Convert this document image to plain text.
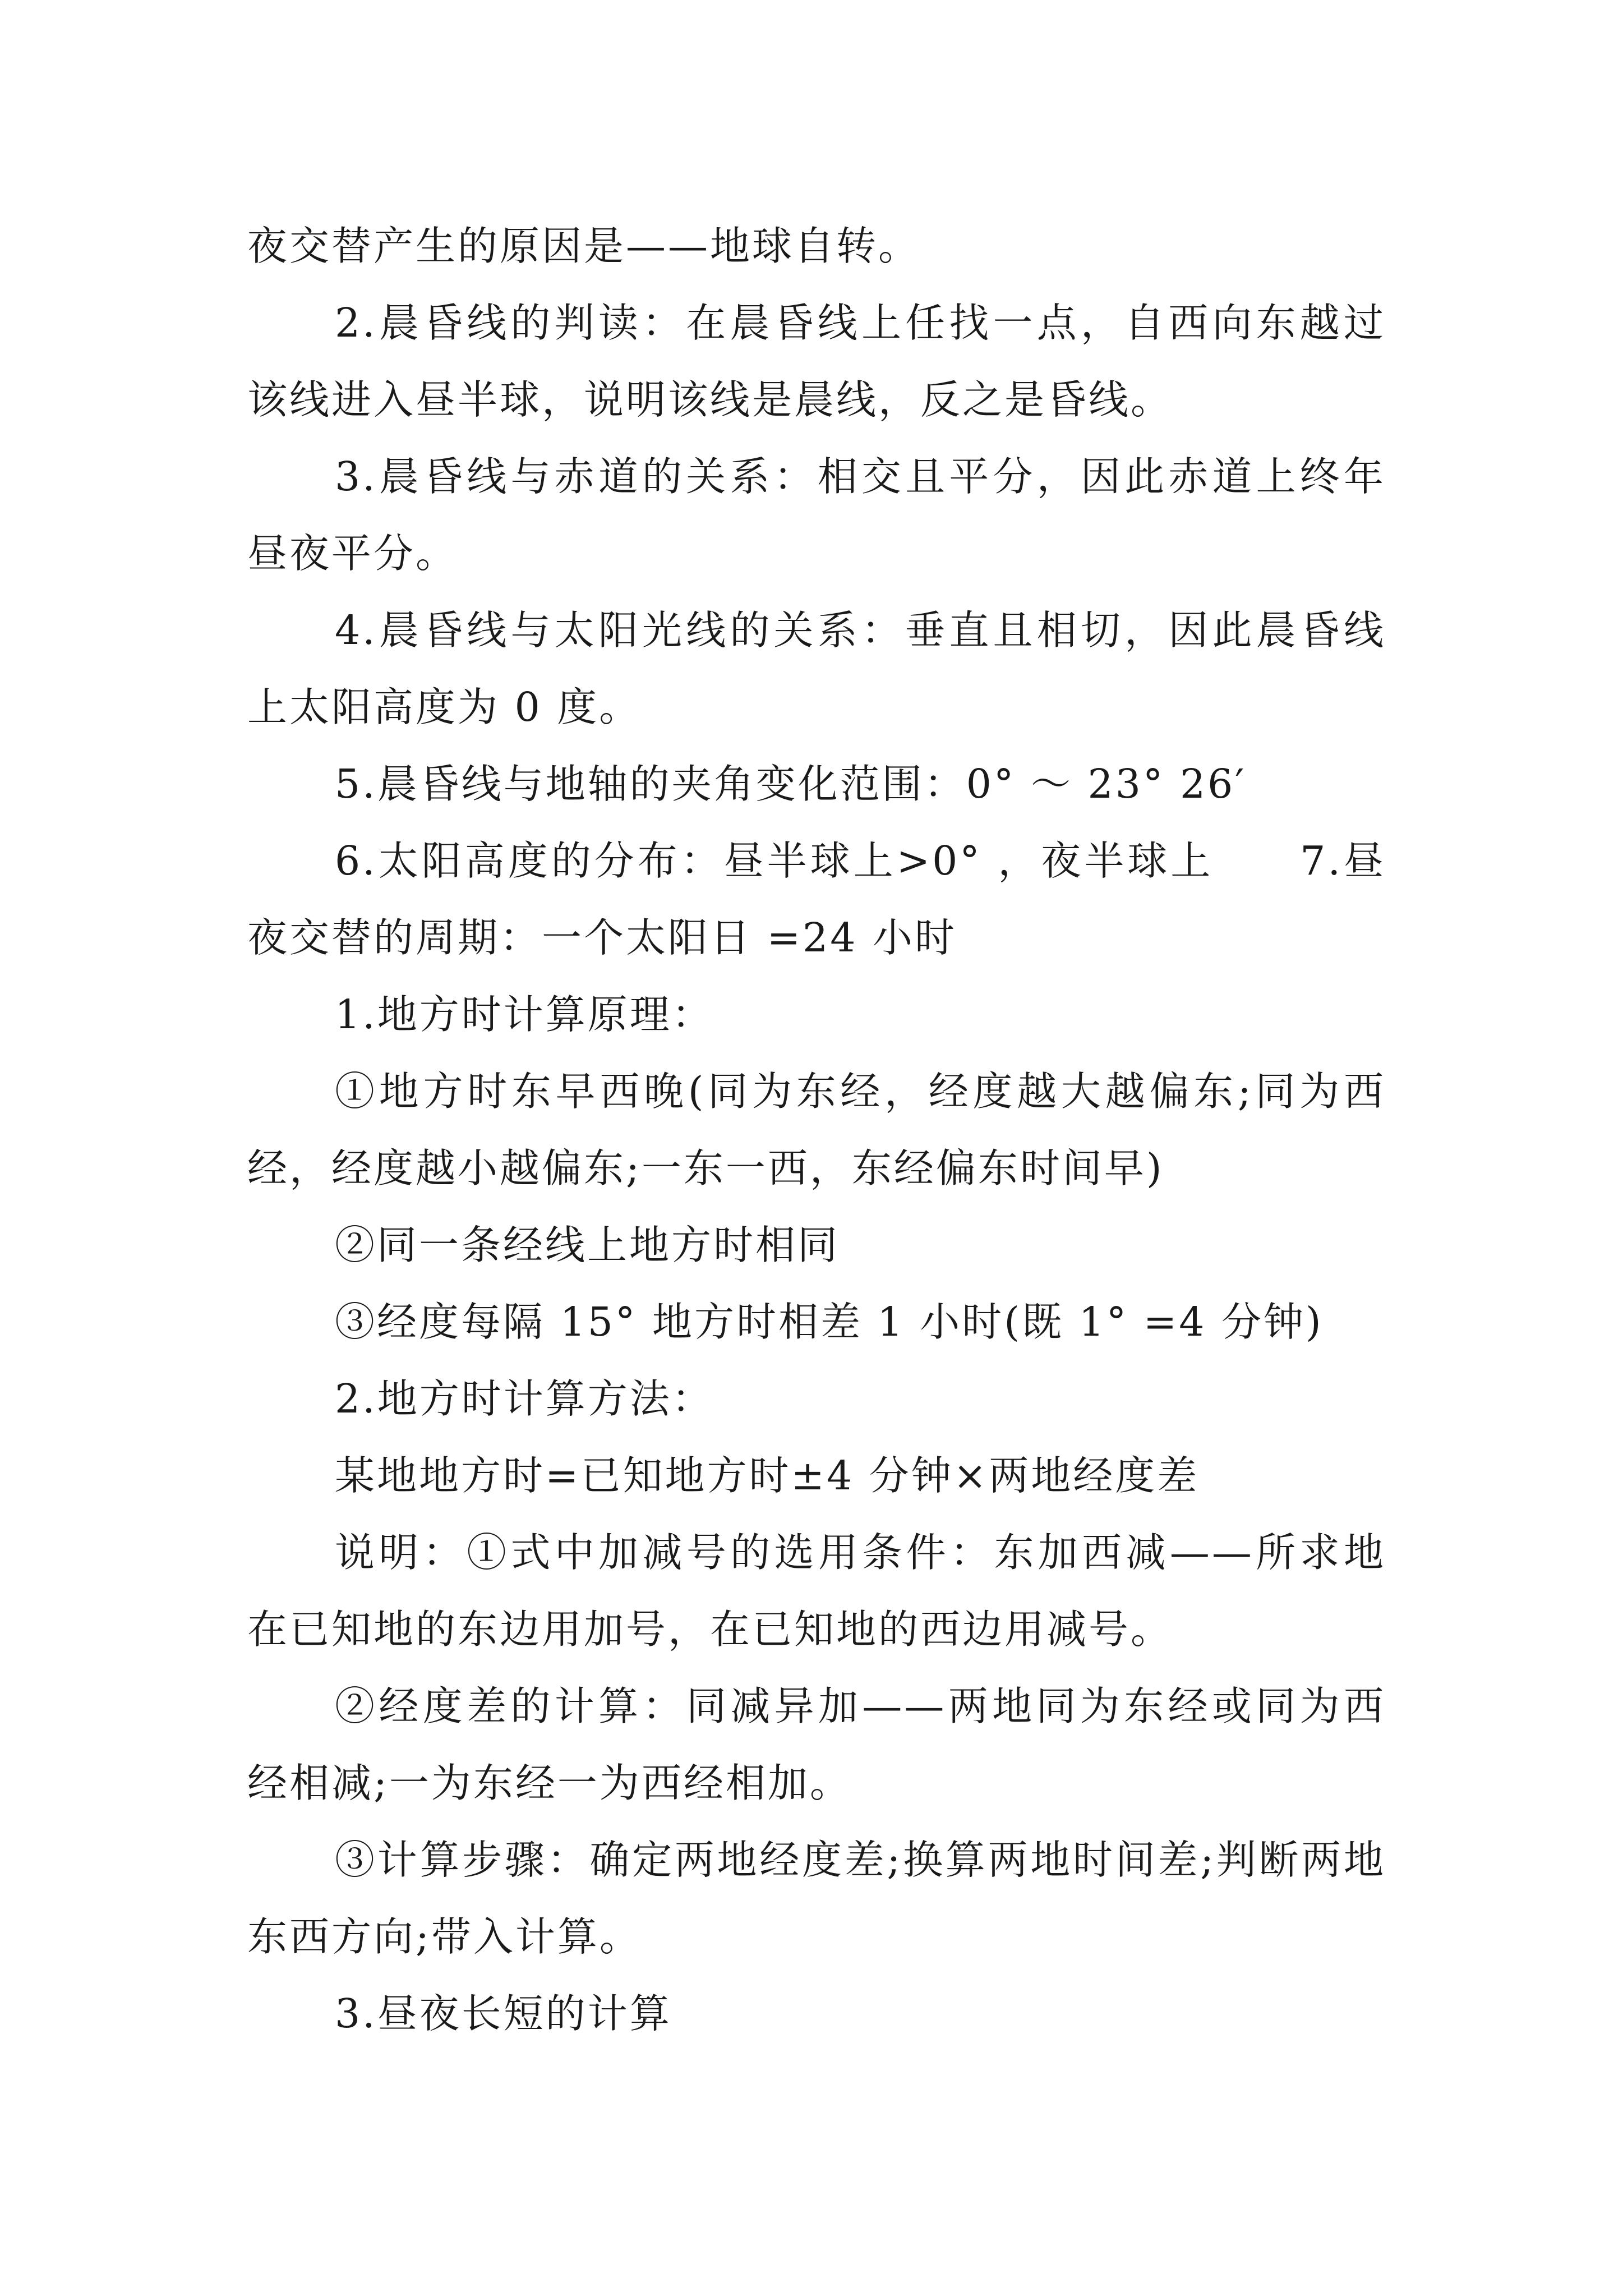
夜交替产生的原因是——地球自转。

2.晨昏线的判读：在晨昏线上任找一点，自西向东越过该线进入昼半球，说明该线是晨线，反之是昏线。

3.晨昏线与赤道的关系：相交且平分，因此赤道上终年昼夜平分。

4.晨昏线与太阳光线的关系：垂直且相切，因此晨昏线上太阳高度为 0 度。

5.晨昏线与地轴的夹角变化范围：0° ～ 23° 26′

6.太阳高度的分布：昼半球上>0° ，夜半球上　　7.昼夜交替的周期：一个太阳日 =24 小时

1.地方时计算原理：

①地方时东早西晚(同为东经，经度越大越偏东;同为西经，经度越小越偏东;一东一西，东经偏东时间早)

②同一条经线上地方时相同

③经度每隔 15° 地方时相差 1 小时(既 1° =4 分钟)

2.地方时计算方法：

某地地方时=已知地方时±4 分钟×两地经度差

说明：①式中加减号的选用条件：东加西减——所求地在已知地的东边用加号，在已知地的西边用减号。

②经度差的计算：同减异加——两地同为东经或同为西经相减;一为东经一为西经相加。

③计算步骤：确定两地经度差;换算两地时间差;判断两地东西方向;带入计算。

3.昼夜长短的计算
